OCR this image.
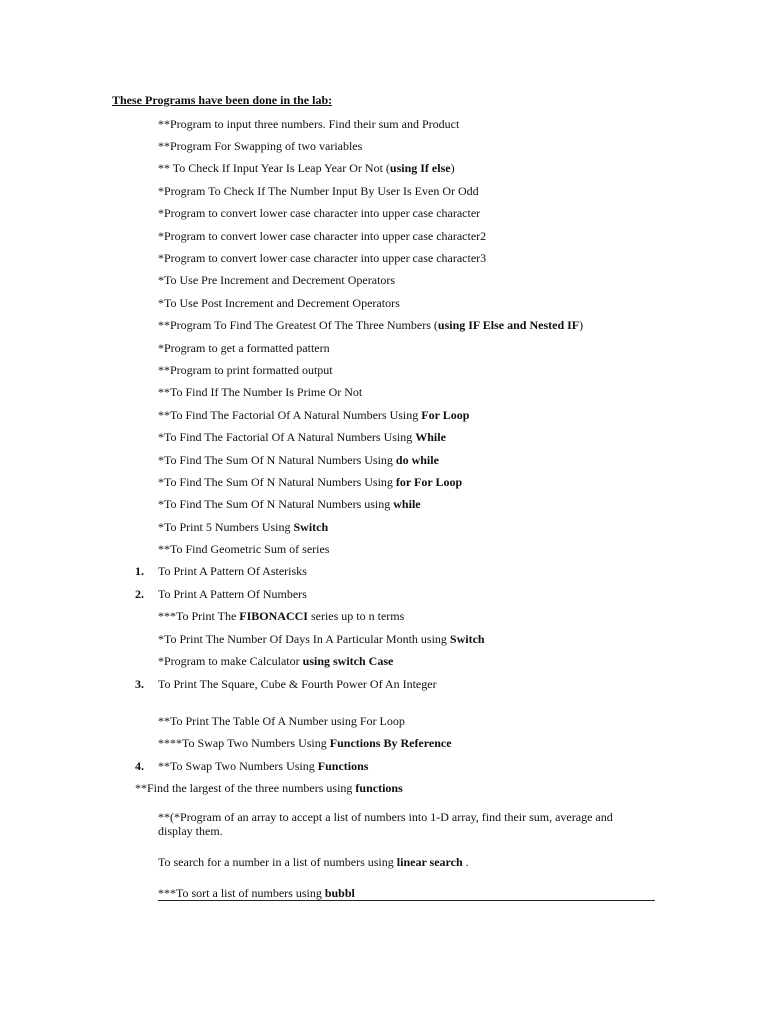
These Programs have been done in the lab:
**Program to input three numbers. Find their sum and Product
**Program For Swapping of two variables
** To Check If Input Year Is Leap Year Or Not (using If else)
*Program To Check If The Number Input By User Is Even Or Odd
*Program to convert lower case character into upper case character
*Program to convert lower case character into upper case character2
*Program to convert lower case character into upper case character3
*To Use Pre Increment and Decrement Operators
*To Use Post Increment and Decrement Operators
**Program To Find The Greatest Of The Three Numbers (using IF Else and Nested IF)
*Program to get a formatted pattern
**Program to print formatted output
**To Find If The Number Is Prime Or Not
**To Find The Factorial Of A Natural Numbers Using For Loop
*To Find The Factorial Of A Natural Numbers Using While
*To Find The Sum Of N Natural Numbers Using do while
*To Find The Sum Of N Natural Numbers Using for For Loop
*To Find The Sum Of N Natural Numbers using while
*To Print 5 Numbers Using Switch
**To Find Geometric Sum of series
1. To Print A Pattern Of Asterisks
2. To Print A Pattern Of Numbers
***To Print The FIBONACCI series up to n terms
*To Print The Number Of Days In A Particular Month using Switch
*Program to make Calculator using switch Case
3. To Print The Square, Cube & Fourth Power Of An Integer
**To Print The Table Of A Number using For Loop
****To Swap Two Numbers Using Functions By Reference
4. **To Swap Two Numbers Using Functions
**Find the largest of the three numbers using functions
**(*Program of an array to accept a list of numbers into 1-D array, find their sum, average and display them.
To search for a number in a list of numbers using linear search .
***To sort a list of numbers using bubbl
